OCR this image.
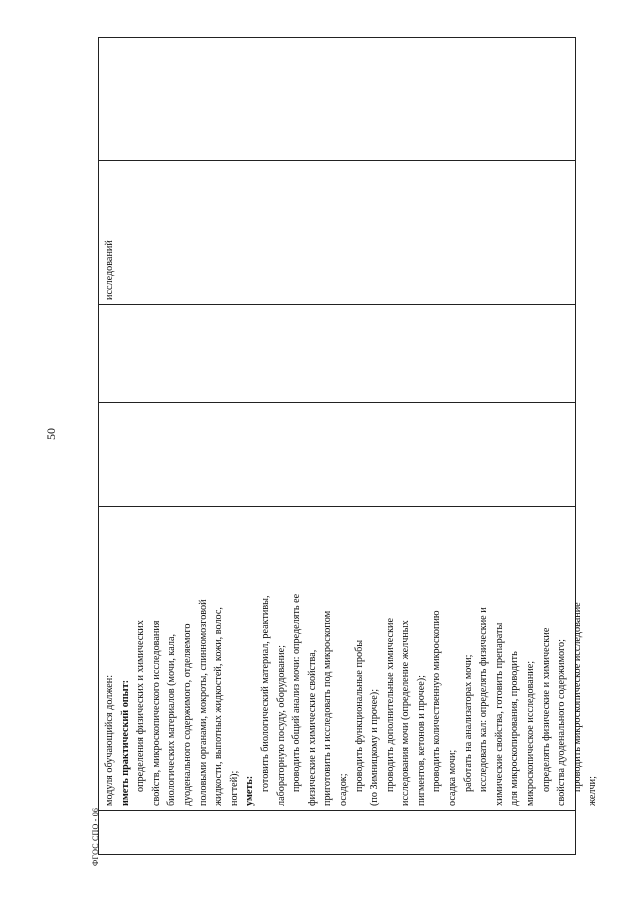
50
модуля обучающийся должен: иметь практический опыт: определения физических и химических свойств, микроскопического исследования биологических материалов (мочи, кала, дуоденального содержимого, отделяемого половыми органами, мокроты, спинномозговой жидкости, выпотных жидкостей, кожи, волос, ногтей); уметь: готовить биологический материал, реактивы, лабораторную посуду, оборудование; проводить общий анализ мочи: определять ее физические и химические свойства, приготовить и исследовать под микроскопом осадок; проводить функциональные пробы (по Зимницкому и прочее); проводить дополнительные химические исследования мочи (определение желчных пигментов, кетонов и прочее); проводить количественную микроскопию осадка мочи; работать на анализаторах мочи; исследовать кал: определять физические и химические свойства, готовить препараты для микроскопирования, проводить микроскопическое исследование; определять физические и химические свойства дуоденального содержимого; проводить микроскопическое исследование желчи;
исследований
ФГОС СПО - 06
